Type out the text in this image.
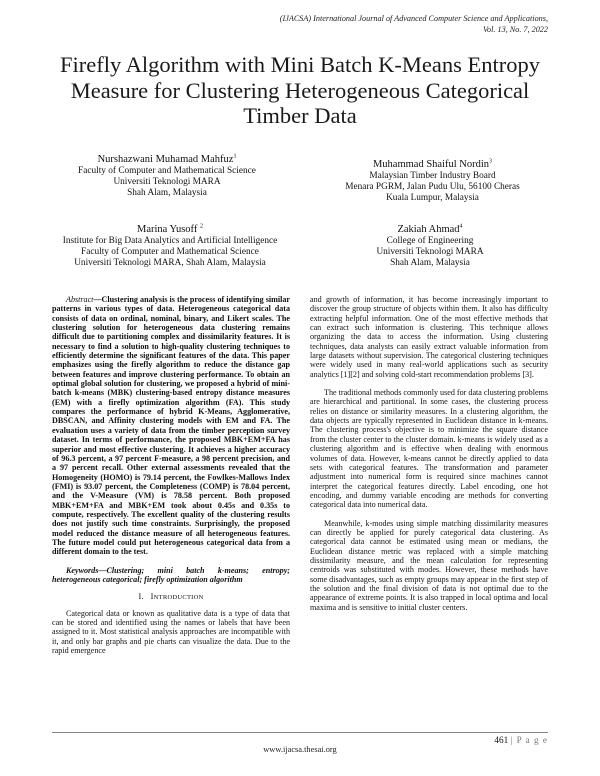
(IJACSA) International Journal of Advanced Computer Science and Applications,
Vol. 13, No. 7, 2022
Firefly Algorithm with Mini Batch K-Means Entropy Measure for Clustering Heterogeneous Categorical Timber Data
Nurshazwani Muhamad Mahfuz$^1$
Faculty of Computer and Mathematical Science
Universiti Teknologi MARA
Shah Alam, Malaysia
Muhammad Shaiful Nordin$^3$
Malaysian Timber Industry Board
Menara PGRM, Jalan Pudu Ulu, 56100 Cheras
Kuala Lumpur, Malaysia
Marina Yusoff $^2$
Institute for Big Data Analytics and Artificial Intelligence
Faculty of Computer and Mathematical Science
Universiti Teknologi MARA, Shah Alam, Malaysia
Zakiah Ahmad$^4$
College of Engineering
Universiti Teknologi MARA
Shah Alam, Malaysia

Abstract—Clustering analysis is the process of identifying similar patterns in various types of data. Heterogeneous categorical data consists of data on ordinal, nominal, binary, and Likert scales. The clustering solution for heterogeneous data clustering remains difficult due to partitioning complex and dissimilarity features. It is necessary to find a solution to high-quality clustering techniques to efficiently determine the significant features of the data. This paper emphasizes using the firefly algorithm to reduce the distance gap between features and improve clustering performance. To obtain an optimal global solution for clustering, we proposed a hybrid of mini-batch k-means (MBK) clustering-based entropy distance measures (EM) with a firefly optimization algorithm (FA). This study compares the performance of hybrid K-Means, Agglomerative, DBSCAN, and Affinity clustering models with EM and FA. The evaluation uses a variety of data from the timber perception survey dataset. In terms of performance, the proposed MBK+EM+FA has superior and most effective clustering. It achieves a higher accuracy of 96.3 percent, a 97 percent F-measure, a 98 percent precision, and a 97 percent recall. Other external assessments revealed that the Homogeneity (HOMO) is 79.14 percent, the Fowlkes-Mallows Index (FMI) is 93.07 percent, the Completeness (COMP) is 78.04 percent, and the V-Measure (VM) is 78.58 percent. Both proposed MBK+EM+FA and MBK+EM took about 0.45s and 0.35s to compute, respectively. The excellent quality of the clustering results does not justify such time constraints. Surprisingly, the proposed model reduced the distance measure of all heterogeneous features. The future model could put heterogeneous categorical data from a different domain to the test.

Keywords—Clustering; mini batch k-means; entropy; heterogeneous categorical; firefly optimization algorithm

I. INTRODUCTION

Categorical data or known as qualitative data is a type of data that can be stored and identified using the names or labels that have been assigned to it. Most statistical analysis approaches are incompatible with it, and only bar graphs and pie charts can visualize the data. Due to the rapid emergence

and growth of information, it has become increasingly important to discover the group structure of objects within them. It also has difficulty extracting helpful information. One of the most effective methods that can extract such information is clustering. This technique allows organizing the data to access the information. Using clustering techniques, data analysts can easily extract valuable information from large datasets without supervision. The categorical clustering techniques were widely used in many real-world applications such as security analytics [1][2] and solving cold-start recommendation problems [3].

The traditional methods commonly used for data clustering problems are hierarchical and partitional. In some cases, the clustering process relies on distance or similarity measures. In a clustering algorithm, the data objects are typically represented in Euclidean distance in k-means. The clustering process's objective is to minimize the square distance from the cluster center to the cluster domain. k-means is widely used as a clustering algorithm and is effective when dealing with enormous volumes of data. However, k-means cannot be directly applied to data sets with categorical features. The transformation and parameter adjustment into numerical form is required since machines cannot interpret the categorical features directly. Label encoding, one hot encoding, and dummy variable encoding are methods for converting categorical data into numerical data.

Meanwhile, k-modes using simple matching dissimilarity measures can directly be applied for purely categorical data clustering. As categorical data cannot be estimated using mean or medians, the Euclidean distance metric was replaced with a simple matching dissimilarity measure, and the mean calculation for representing centroids was substituted with modes. However, these methods have some disadvantages, such as empty groups may appear in the first step of the solution and the final division of data is not optimal due to the appearance of extreme points. It is also trapped in local optima and local maxima and is sensitive to initial cluster centers.

461 | P a g e
www.ijacsa.thesai.org
